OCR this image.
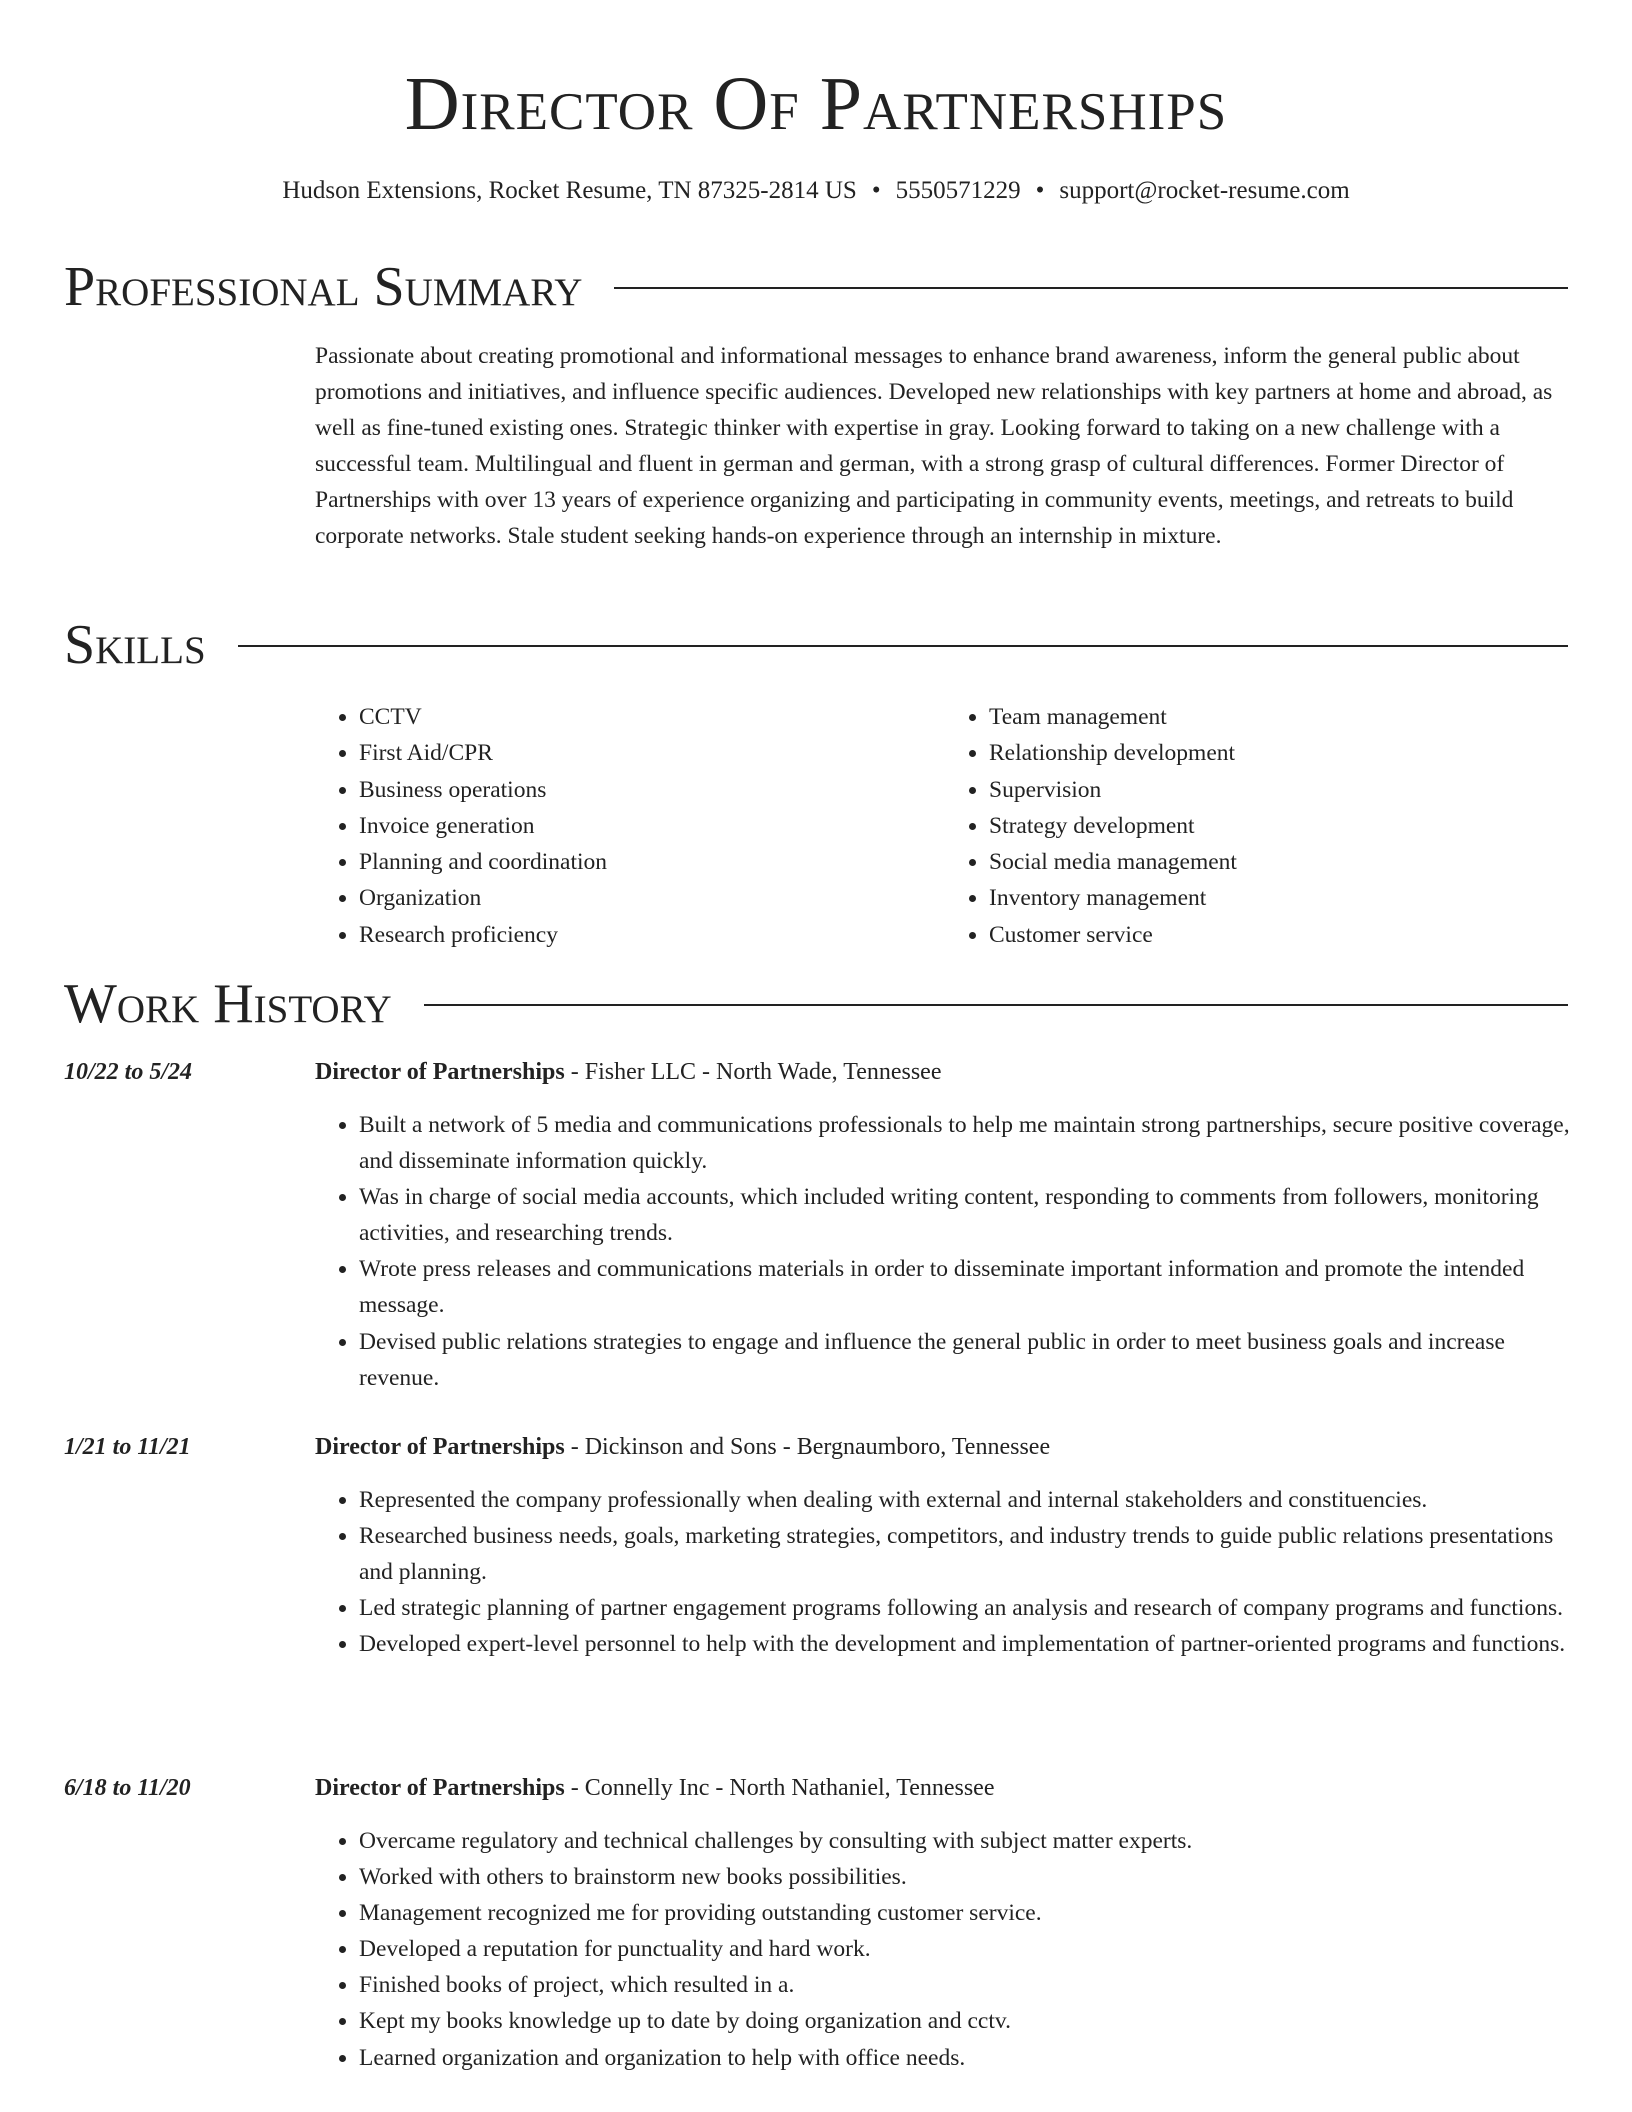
Director Of Partnerships
Hudson Extensions, Rocket Resume, TN 87325-2814 US • 5550571229 • support@rocket-resume.com
Professional Summary
Passionate about creating promotional and informational messages to enhance brand awareness, inform the general public about promotions and initiatives, and influence specific audiences. Developed new relationships with key partners at home and abroad, as well as fine-tuned existing ones. Strategic thinker with expertise in gray. Looking forward to taking on a new challenge with a successful team. Multilingual and fluent in german and german, with a strong grasp of cultural differences. Former Director of Partnerships with over 13 years of experience organizing and participating in community events, meetings, and retreats to build corporate networks. Stale student seeking hands-on experience through an internship in mixture.
Skills
• CCTV
• First Aid/CPR
• Business operations
• Invoice generation
• Planning and coordination
• Organization
• Research proficiency
• Team management
• Relationship development
• Supervision
• Strategy development
• Social media management
• Inventory management
• Customer service
Work History
10/22 to 5/24	Director of Partnerships - Fisher LLC - North Wade, Tennessee
• Built a network of 5 media and communications professionals to help me maintain strong partnerships, secure positive coverage, and disseminate information quickly.
• Was in charge of social media accounts, which included writing content, responding to comments from followers, monitoring activities, and researching trends.
• Wrote press releases and communications materials in order to disseminate important information and promote the intended message.
• Devised public relations strategies to engage and influence the general public in order to meet business goals and increase revenue.
1/21 to 11/21	Director of Partnerships - Dickinson and Sons - Bergnaumboro, Tennessee
• Represented the company professionally when dealing with external and internal stakeholders and constituencies.
• Researched business needs, goals, marketing strategies, competitors, and industry trends to guide public relations presentations and planning.
• Led strategic planning of partner engagement programs following an analysis and research of company programs and functions.
• Developed expert-level personnel to help with the development and implementation of partner-oriented programs and functions.
6/18 to 11/20	Director of Partnerships - Connelly Inc - North Nathaniel, Tennessee
• Overcame regulatory and technical challenges by consulting with subject matter experts.
• Worked with others to brainstorm new books possibilities.
• Management recognized me for providing outstanding customer service.
• Developed a reputation for punctuality and hard work.
• Finished books of project, which resulted in a.
• Kept my books knowledge up to date by doing organization and cctv.
• Learned organization and organization to help with office needs.
